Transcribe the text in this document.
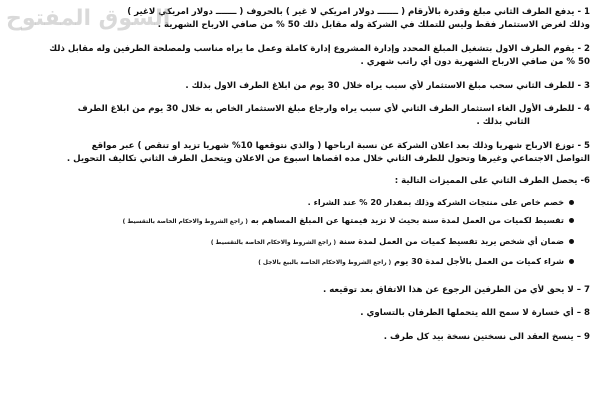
1 - يدفع الطرف الثاني مبلغ وقدرة بالأرقام ( ـــــــ دولار امريكي لا غير ) بالحروف ( ـــــــ دولار امريكي لاغير )
وذلك لغرض الاستثمار فقط وليس للتملك في الشركة وله مقابل ذلك 50 % من صافي الارباح الشهرية .
2 - يقوم الطرف الاول بتشغيل المبلغ المحدد وإدارة المشروع إدارة كاملة وعمل ما يراه مناسب ولمصلحة الطرفين وله مقابل ذلك
50 % من صافي الارباح الشهرية دون أي راتب شهري .
3 - للطرف الثاني سحب مبلغ الاستثمار لأي سبب يراه خلال 30 يوم من ابلاغ الطرف الاول بذلك .
4 - للطرف الأول الغاء استثمار الطرف الثاني لأي سبب يراه وارجاع مبلغ الاستثمار الخاص به خلال 30 يوم من ابلاغ الطرف
الثاني بذلك .
5 - توزع الارباح شهريا وذلك بعد اعلان الشركة عن نسبة ارباحها ( والذي نتوقعها 10% شهريا تزيد او تنقص ) عبر مواقع
التواصل الاجتماعي وغيرها وتحول للطرف الثاني خلال مده اقصاها اسبوع من الاعلان ويتحمل الطرف الثاني تكاليف التحويل .
6- يحصل الطرف الثاني على المميزات التالية :
خصم خاص على منتجات الشركة وذلك بمقدار 20 % عند الشراء .
تقسيط لكميات من العمل لمدة سنة بحيث لا تزيد قيمتها عن المبلغ المساهم به ( راجع الشروط والاحكام الخاصة بالتقسيط )
ضمان أي شخص يريد تقسيط كميات من العمل لمدة سنة ( راجع الشروط والاحكام الخاصة بالتقسيط )
شراء كميات من العمل بالأجل لمدة 30 يوم ( راجع الشروط والاحكام الخاصة بالبيع بالاجل )
7 – لا يحق لأي من الطرفين الرجوع عن هذا الاتفاق بعد توقيعه .
8 – أي خسارة لا سمح الله يتحملها الطرفان بالتساوي .
9 – ينسخ العقد الى نسختين نسخة بيد كل طرف .
السوق المفتوح
